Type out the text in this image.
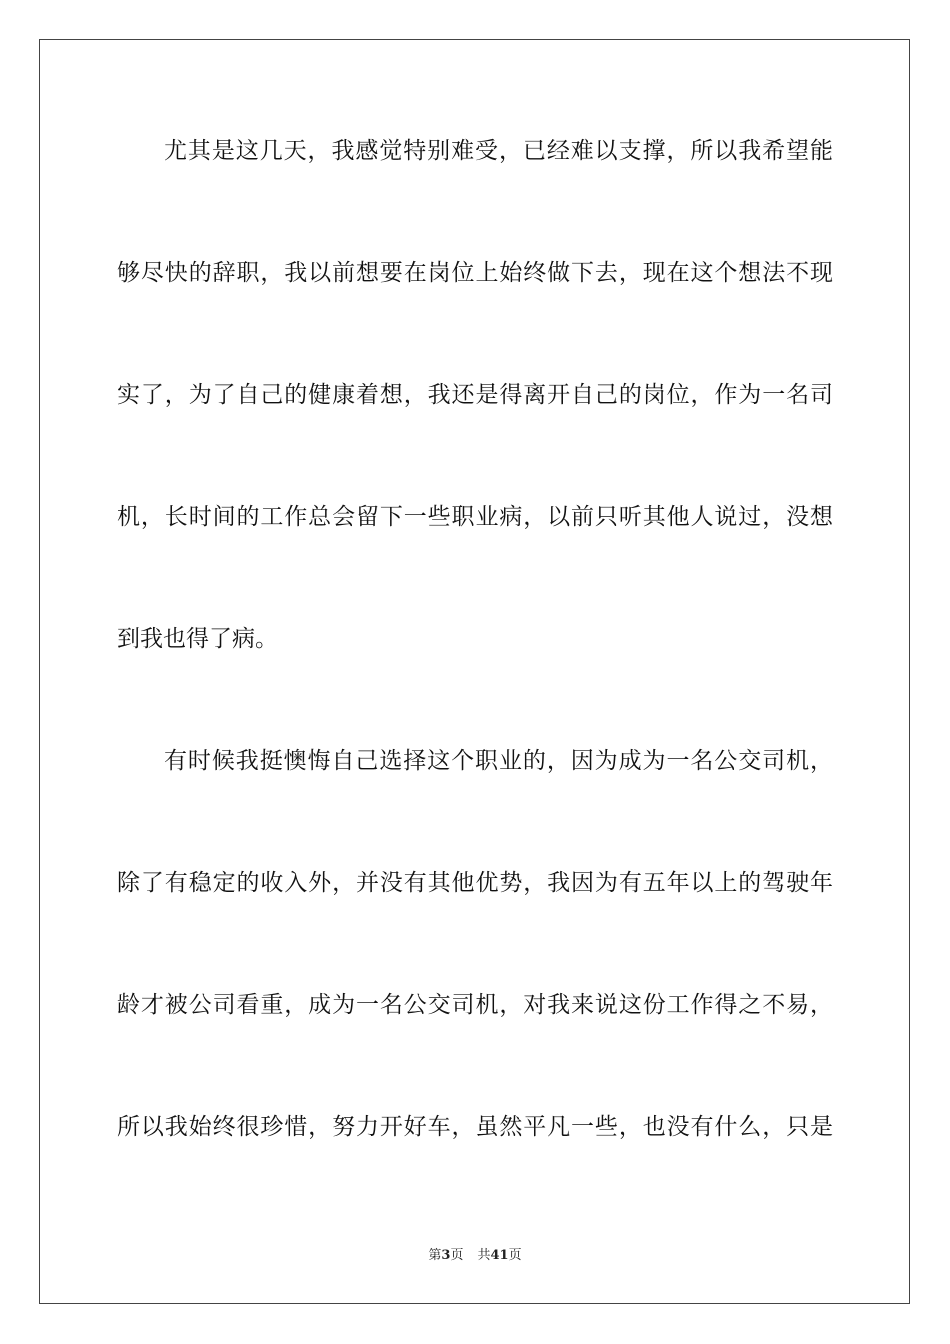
尤其是这几天，我感觉特别难受，已经难以支撑，所以我希望能
够尽快的辞职，我以前想要在岗位上始终做下去，现在这个想法不现
实了，为了自己的健康着想，我还是得离开自己的岗位，作为一名司
机，长时间的工作总会留下一些职业病，以前只听其他人说过，没想
到我也得了病。
有时候我挺懊悔自己选择这个职业的，因为成为一名公交司机，
除了有稳定的收入外，并没有其他优势，我因为有五年以上的驾驶年
龄才被公司看重，成为一名公交司机，对我来说这份工作得之不易，
所以我始终很珍惜，努力开好车，虽然平凡一些，也没有什么，只是
第3页 共41页
